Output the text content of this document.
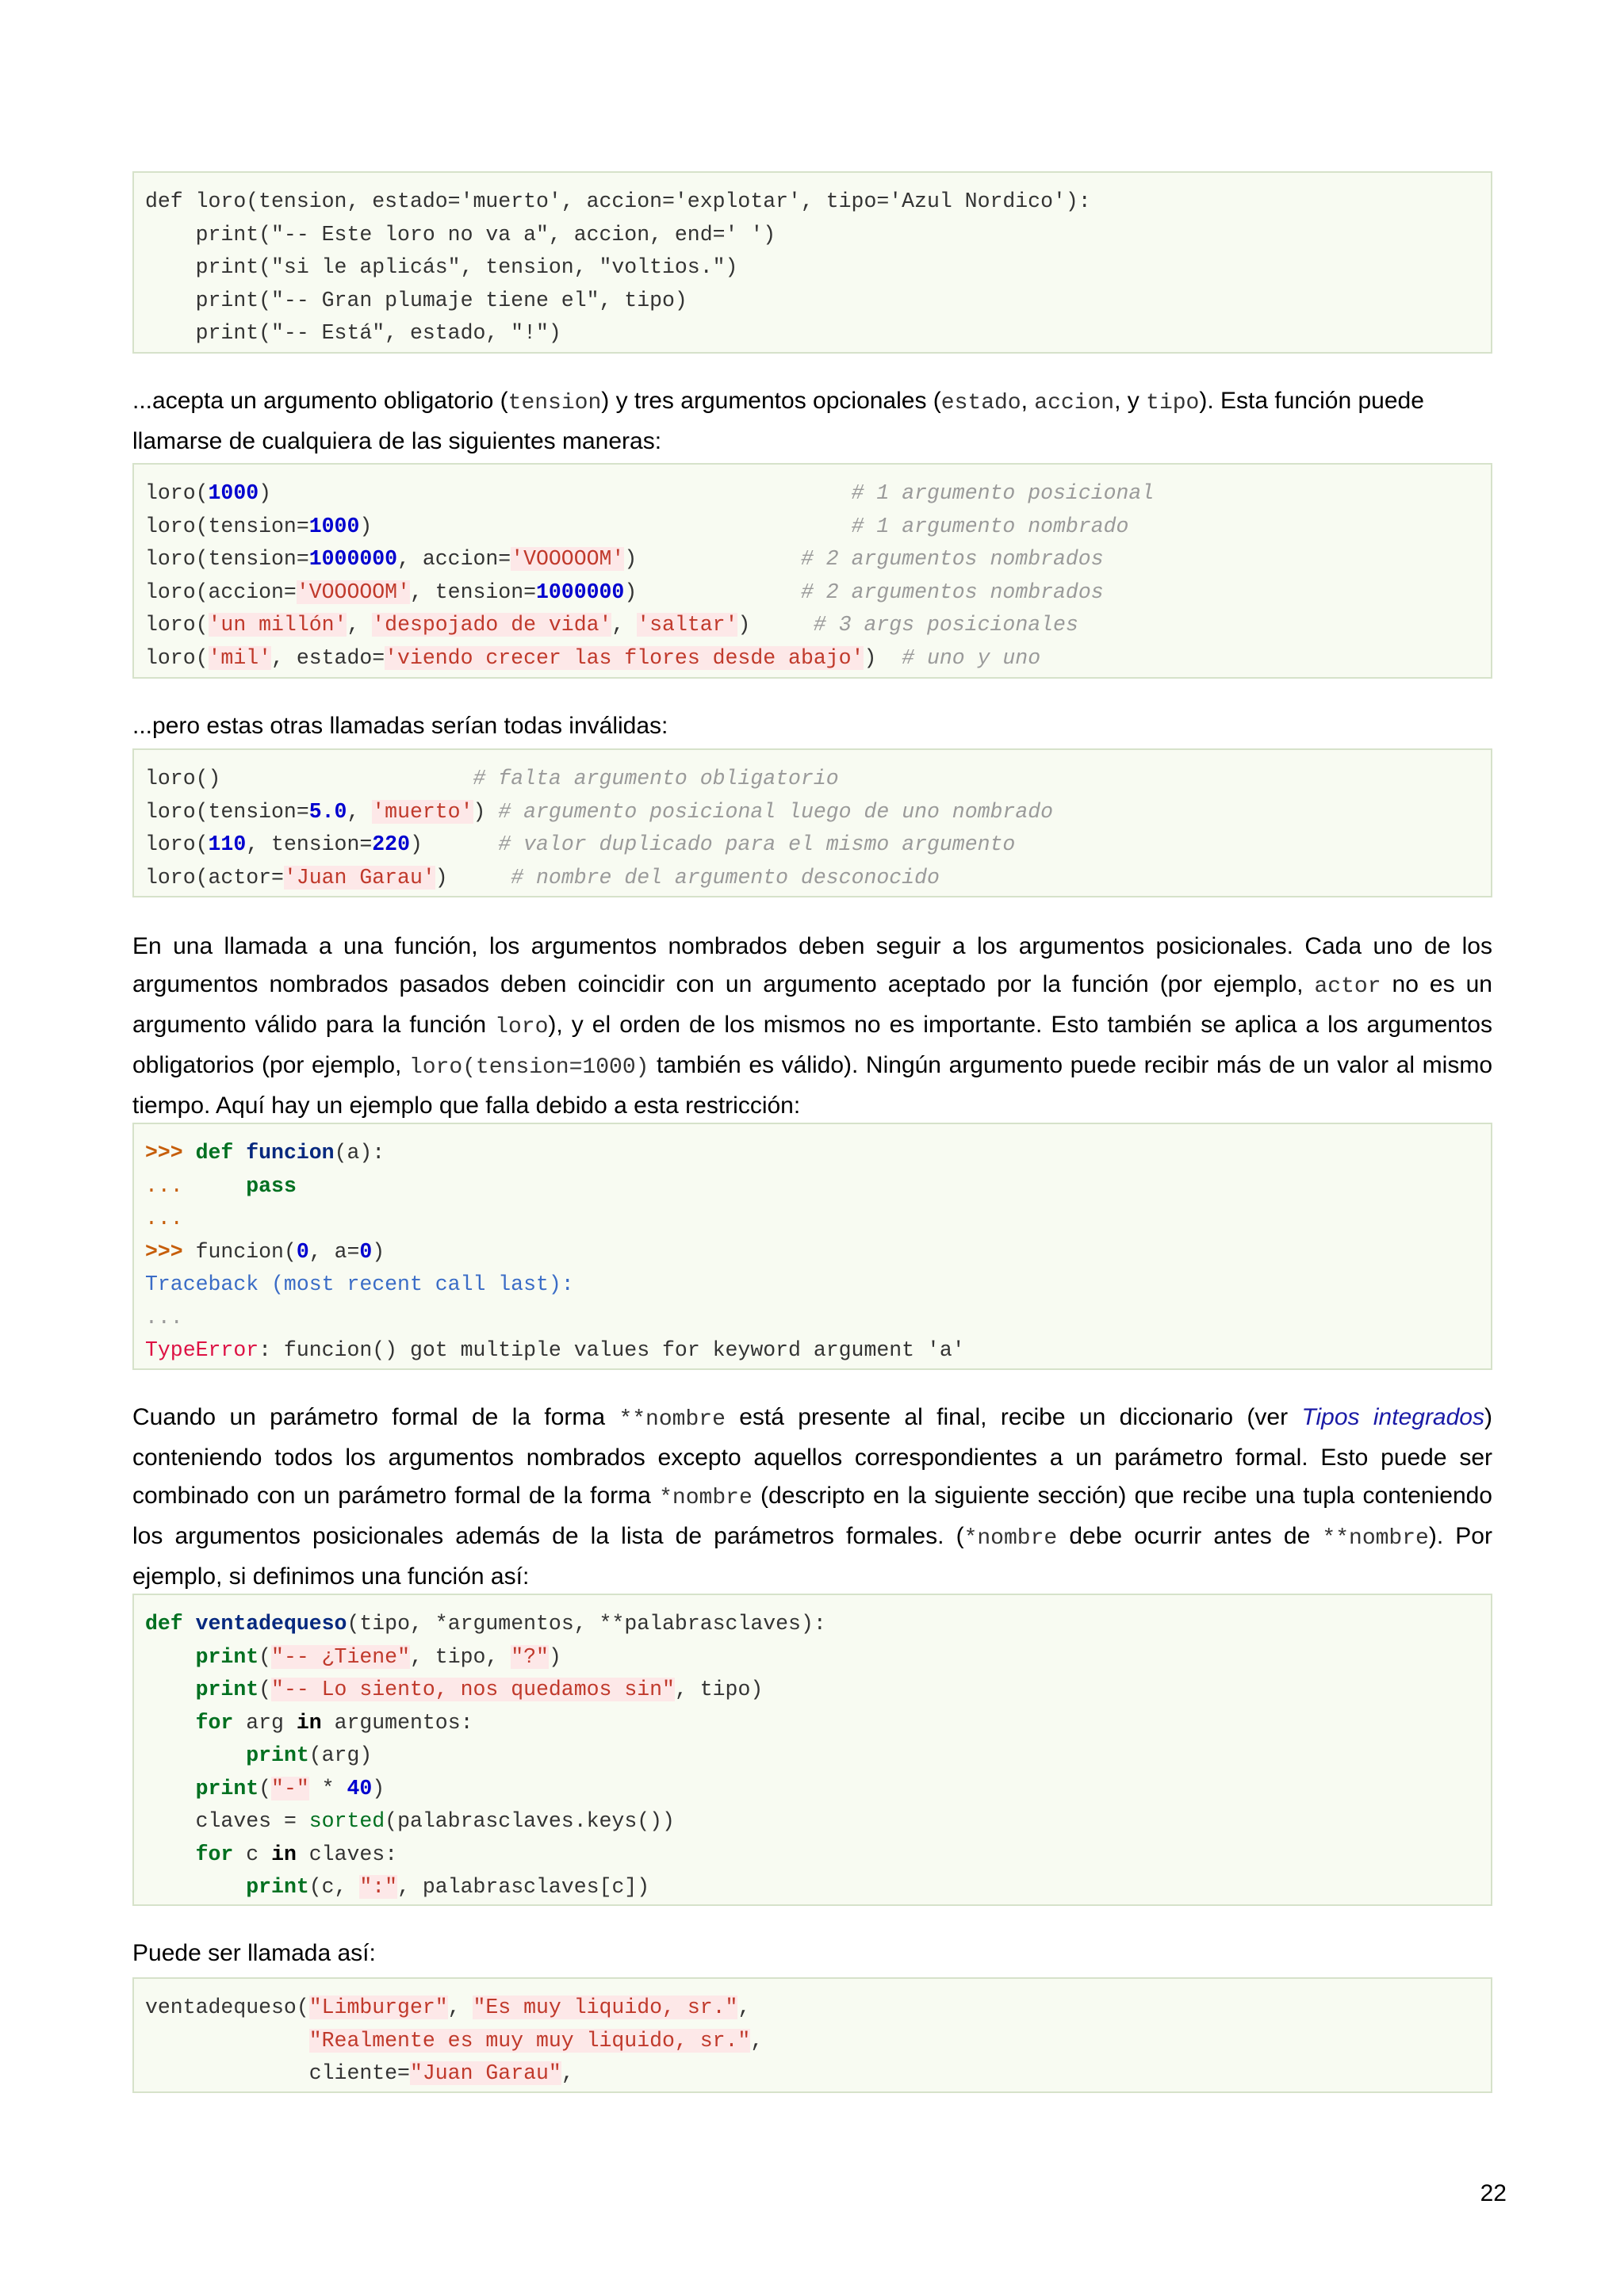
def loro(tension, estado='muerto', accion='explotar', tipo='Azul Nordico'):
print("-- Este loro no va a", accion, end=' ')
print("si le aplicás", tension, "voltios.")
print("-- Gran plumaje tiene el", tipo)
print("-- Está", estado, "!")

...acepta un argumento obligatorio (tension) y tres argumentos opcionales (estado, accion, y tipo). Esta función puede llamarse de cualquiera de las siguientes maneras:

loro(1000)	# 1 argumento posicional
loro(tension=1000)	# 1 argumento nombrado
loro(tension=1000000, accion='VOOOOOM')	# 2 argumentos nombrados
loro(accion='VOOOOOM', tension=1000000)	# 2 argumentos nombrados
loro('un millón', 'despojado de vida', 'saltar')	# 3 args posicionales
loro('mil', estado='viendo crecer las flores desde abajo') # uno y uno

...pero estas otras llamadas serían todas inválidas:

loro()	# falta argumento obligatorio
loro(tension=5.0, 'muerto') # argumento posicional luego de uno nombrado
loro(110, tension=220)	# valor duplicado para el mismo argumento
loro(actor='Juan Garau')	# nombre del argumento desconocido

En una llamada a una función, los argumentos nombrados deben seguir a los argumentos posicionales. Cada uno de los argumentos nombrados pasados deben coincidir con un argumento aceptado por la función (por ejemplo, actor no es un argumento válido para la función loro), y el orden de los mismos no es importante. Esto también se aplica a los argumentos obligatorios (por ejemplo, loro(tension=1000) también es válido). Ningún argumento puede recibir más de un valor al mismo tiempo. Aquí hay un ejemplo que falla debido a esta restricción:

>>> def funcion(a):
...	pass
...
>>> funcion(0, a=0)
Traceback (most recent call last):
...
TypeError: funcion() got multiple values for keyword argument 'a'

Cuando un parámetro formal de la forma **nombre está presente al final, recibe un diccionario (ver Tipos integrados) conteniendo todos los argumentos nombrados excepto aquellos correspondientes a un parámetro formal. Esto puede ser combinado con un parámetro formal de la forma *nombre (descripto en la siguiente sección) que recibe una tupla conteniendo los argumentos posicionales además de la lista de parámetros formales. (*nombre debe ocurrir antes de **nombre). Por ejemplo, si definimos una función así:

def ventadequeso(tipo, *argumentos, **palabrasclaves):
print("-- ¿Tiene", tipo, "?")
print("-- Lo siento, nos quedamos sin", tipo)
for arg in argumentos:
print(arg)
print("-" * 40)
claves = sorted(palabrasclaves.keys())
for c in claves:
print(c, ":", palabrasclaves[c])

Puede ser llamada así:

ventadequeso("Limburger", "Es muy liquido, sr.",
"Realmente es muy muy liquido, sr.",
cliente="Juan Garau",
22
